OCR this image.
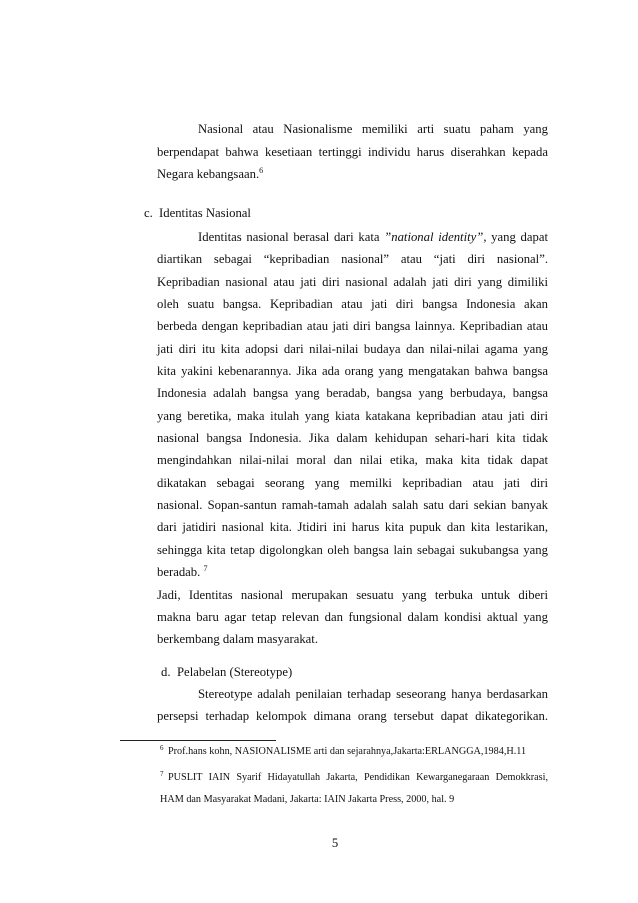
Nasional atau Nasionalisme memiliki arti suatu paham yang
berpendapat bahwa kesetiaan tertinggi individu harus diserahkan kepada
Negara kebangsaan.$^6$
c. Identitas Nasional
Identitas nasional berasal dari kata ”national identity”, yang dapat
diartikan sebagai “kepribadian nasional” atau “jati diri nasional”.
Kepribadian nasional atau jati diri nasional adalah jati diri yang dimiliki
oleh suatu bangsa. Kepribadian atau jati diri bangsa Indonesia akan
berbeda dengan kepribadian atau jati diri bangsa lainnya. Kepribadian atau
jati diri itu kita adopsi dari nilai-nilai budaya dan nilai-nilai agama yang
kita yakini kebenarannya. Jika ada orang yang mengatakan bahwa bangsa
Indonesia adalah bangsa yang beradab, bangsa yang berbudaya, bangsa
yang beretika, maka itulah yang kiata katakana kepribadian atau jati diri
nasional bangsa Indonesia. Jika dalam kehidupan sehari-hari kita tidak
mengindahkan nilai-nilai moral dan nilai etika, maka kita tidak dapat
dikatakan sebagai seorang yang memilki kepribadian atau jati diri
nasional. Sopan-santun ramah-tamah adalah salah satu dari sekian banyak
dari jatidiri nasional kita. Jtidiri ini harus kita pupuk dan kita lestarikan,
sehingga kita tetap digolongkan oleh bangsa lain sebagai sukubangsa yang
beradab. $^7$
Jadi, Identitas nasional merupakan sesuatu yang terbuka untuk diberi
makna baru agar tetap relevan dan fungsional dalam kondisi aktual yang
berkembang dalam masyarakat.
d. Pelabelan (Stereotype)
Stereotype adalah penilaian terhadap seseorang hanya berdasarkan
persepsi terhadap kelompok dimana orang tersebut dapat dikategorikan.
6 Prof.hans kohn, NASIONALISME arti dan sejarahnya,Jakarta:ERLANGGA,1984,H.11
7 PUSLIT IAIN Syarif Hidayatullah Jakarta, Pendidikan Kewarganegaraan Demokkrasi,
HAM dan Masyarakat Madani, Jakarta: IAIN Jakarta Press, 2000, hal. 9
5
